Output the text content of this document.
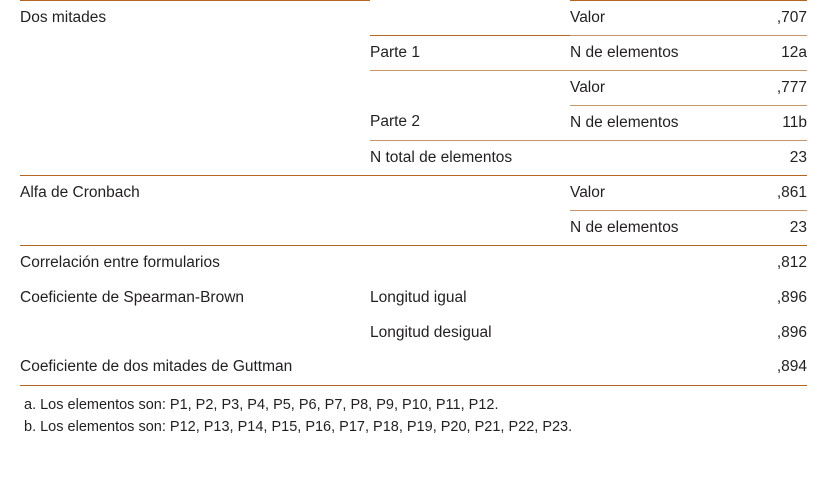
Dos mitades		Valor	,707
	Parte 1	N de elementos	12a
		Valor	,777
	Parte 2	N de elementos	11b
	N total de elementos		23
Alfa de Cronbach		Valor	,861
		N de elementos	23
Correlación entre formularios			,812
Coeficiente de Spearman-Brown	Longitud igual		,896
	Longitud desigual		,896
Coeficiente de dos mitades de Guttman			,894

a. Los elementos son: P1, P2, P3, P4, P5, P6, P7, P8, P9, P10, P11, P12.
b. Los elementos son: P12, P13, P14, P15, P16, P17, P18, P19, P20, P21, P22, P23.
